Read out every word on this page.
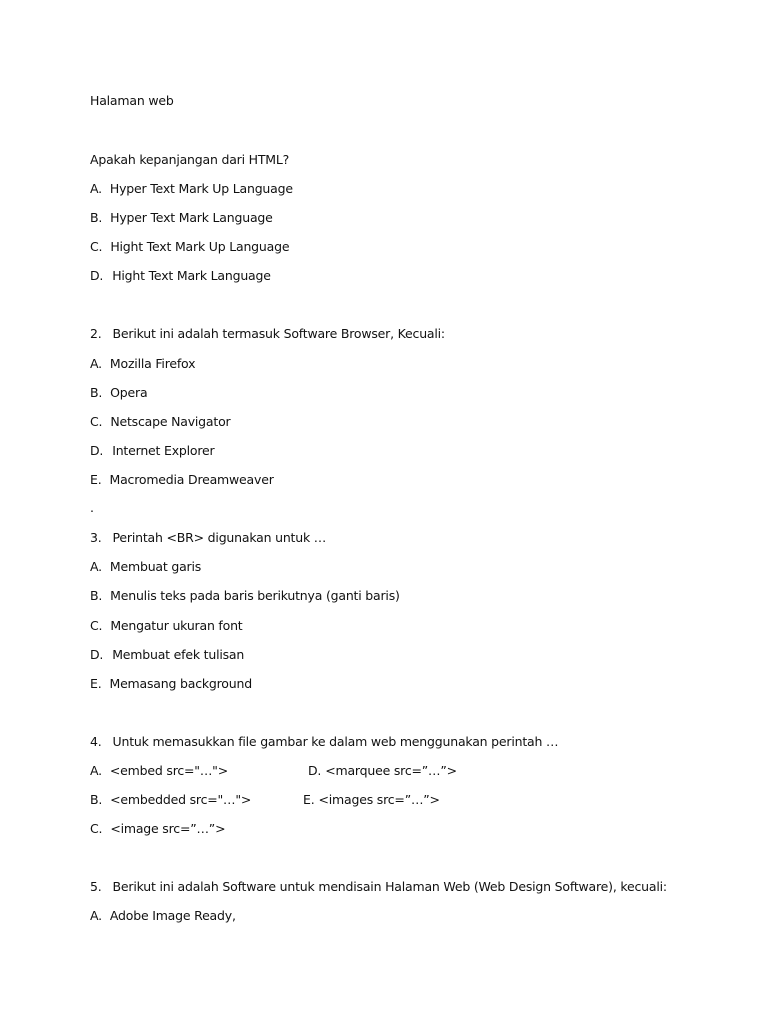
Halaman web
Apakah kepanjangan dari HTML?
A. Hyper Text Mark Up Language
B. Hyper Text Mark Language
C. Hight Text Mark Up Language
D. Hight Text Mark Language
2. Berikut ini adalah termasuk Software Browser, Kecuali:
A. Mozilla Firefox
B. Opera
C. Netscape Navigator
D. Internet Explorer
E. Macromedia Dreamweaver
.
3. Perintah <BR> digunakan untuk …
A. Membuat garis
B. Menulis teks pada baris berikutnya (ganti baris)
C. Mengatur ukuran font
D. Membuat efek tulisan
E. Memasang background
4. Untuk memasukkan file gambar ke dalam web menggunakan perintah …
A. <embed src="…">	D. <marquee src=”…”>
B. <embedded src="…">	E. <images src=”…”>
C. <image src=”…”>
5. Berikut ini adalah Software untuk mendisain Halaman Web (Web Design Software), kecuali:
A. Adobe Image Ready,
